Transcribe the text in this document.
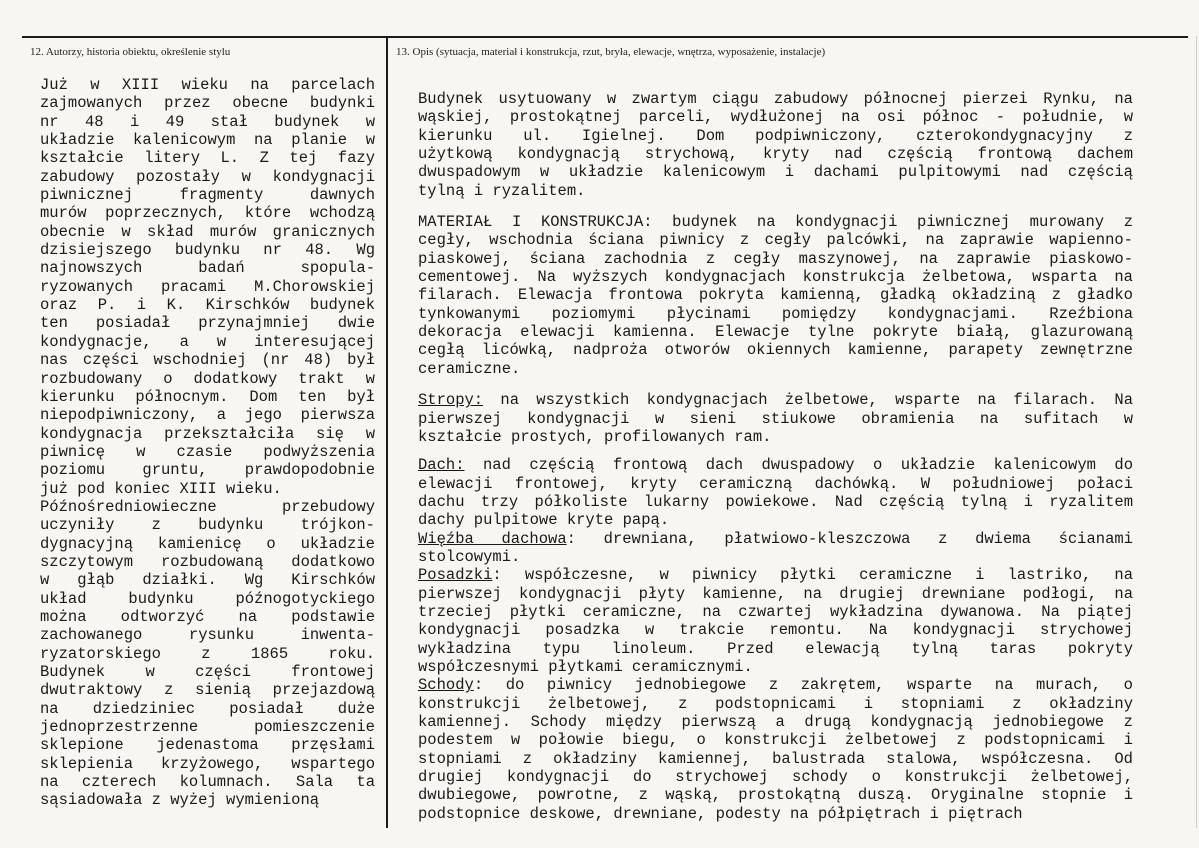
12. Autorzy, historia obiektu, określenie stylu	13. Opis (sytuacja, materiał i konstrukcja, rzut, bryła, elewacje, wnętrza, wyposażenie, instalacje)
Już w XIII wieku na parcelach
zajmowanych przez obecne budynki
nr 48 i 49 stał budynek w
układzie kalenicowym na planie w
kształcie litery L. Z tej fazy
zabudowy pozostały w kondygnacji
piwnicznej fragmenty dawnych
murów poprzecznych, które wchodzą
obecnie w skład murów granicznych
dzisiejszego budynku nr 48. Wg
najnowszych badań spopula-
ryzowanych pracami M.Chorowskiej
oraz P. i K. Kirschków budynek
ten posiadał przynajmniej dwie
kondygnacje, a w interesującej
nas części wschodniej (nr 48) był
rozbudowany o dodatkowy trakt w
kierunku północnym. Dom ten był
niepodpiwniczony, a jego pierwsza
kondygnacja przekształciła się w
piwnicę w czasie podwyższenia
poziomu gruntu, prawdopodobnie
już pod koniec XIII wieku.
Późnośredniowieczne przebudowy
uczyniły z budynku trójkon-
dygnacyjną kamienicę o układzie
szczytowym rozbudowaną dodatkowo
w głąb działki. Wg Kirschków
układ budynku późnogotyckiego
można odtworzyć na podstawie
zachowanego rysunku inwenta-
ryzatorskiego z 1865 roku.
Budynek w części frontowej
dwutraktowy z sienią przejazdową
na dziedziniec posiadał duże
jednoprzestrzenne pomieszczenie
sklepione jedenastoma przęsłami
sklepienia krzyżowego, wspartego
na czterech kolumnach. Sala ta
sąsiadowała z wyżej wymienioną
Budynek usytuowany w zwartym ciągu zabudowy północnej pierzei Rynku, na
wąskiej, prostokątnej parceli, wydłużonej na osi północ - południe, w
kierunku ul. Igielnej. Dom podpiwniczony, czterokondygnacyjny z
użytkową kondygnacją strychową, kryty nad częścią frontową dachem
dwuspadowym w układzie kalenicowym i dachami pulpitowymi nad częścią
tylną i ryzalitem.
MATERIAŁ I KONSTRUKCJA: budynek na kondygnacji piwnicznej murowany z
cegły, wschodnia ściana piwnicy z cegły palcówki, na zaprawie wapienno-
piaskowej, ściana zachodnia z cegły maszynowej, na zaprawie piaskowo-
cementowej. Na wyższych kondygnacjach konstrukcja żelbetowa, wsparta na
filarach. Elewacja frontowa pokryta kamienną, gładką okładziną z gładko
tynkowanymi poziomymi płycinami pomiędzy kondygnacjami. Rzeźbiona
dekoracja elewacji kamienna. Elewacje tylne pokryte białą, glazurowaną
cegłą licówką, nadproża otworów okiennych kamienne, parapety zewnętrzne
ceramiczne.
Stropy: na wszystkich kondygnacjach żelbetowe, wsparte na filarach. Na
pierwszej kondygnacji w sieni stiukowe obramienia na sufitach w
kształcie prostych, profilowanych ram.
Dach: nad częścią frontową dach dwuspadowy o układzie kalenicowym do
elewacji frontowej, kryty ceramiczną dachówką. W południowej połaci
dachu trzy półkoliste lukarny powiekowe. Nad częścią tylną i ryzalitem
dachy pulpitowe kryte papą.
Więźba dachowa: drewniana, płatwiowo-kleszczowa z dwiema ścianami
stolcowymi.
Posadzki: współczesne, w piwnicy płytki ceramiczne i lastriko, na
pierwszej kondygnacji płyty kamienne, na drugiej drewniane podłogi, na
trzeciej płytki ceramiczne, na czwartej wykładzina dywanowa. Na piątej
kondygnacji posadzka w trakcie remontu. Na kondygnacji strychowej
wykładzina typu linoleum. Przed elewacją tylną taras pokryty
współczesnymi płytkami ceramicznymi.
Schody: do piwnicy jednobiegowe z zakrętem, wsparte na murach, o
konstrukcji żelbetowej, z podstopnicami i stopniami z okładziny
kamiennej. Schody między pierwszą a drugą kondygnacją jednobiegowe z
podestem w połowie biegu, o konstrukcji żelbetowej z podstopnicami i
stopniami z okładziny kamiennej, balustrada stalowa, współczesna. Od
drugiej kondygnacji do strychowej schody o konstrukcji żelbetowej,
dwubiegowe, powrotne, z wąską, prostokątną duszą. Oryginalne stopnie i
podstopnice deskowe, drewniane, podesty na półpiętrach i piętrach
